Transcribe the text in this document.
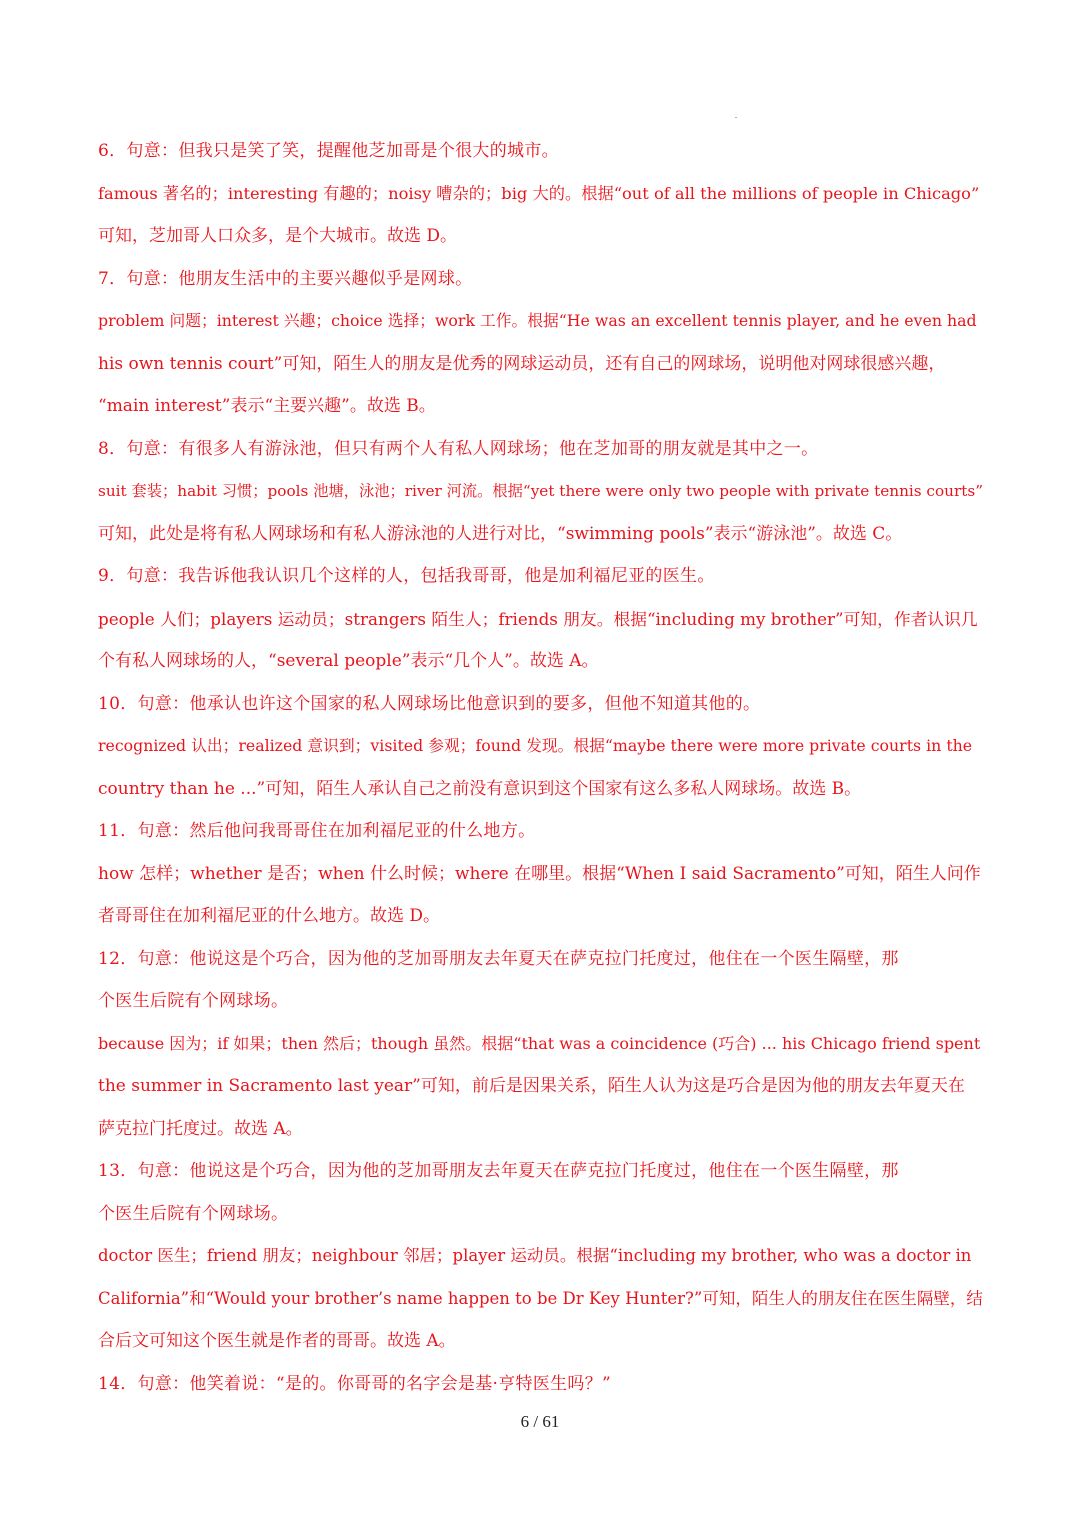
6．句意：但我只是笑了笑，提醒他芝加哥是个很大的城市。

famous 著名的；interesting 有趣的；noisy 嘈杂的；big 大的。根据“out of all the millions of people in Chicago”

可知，芝加哥人口众多，是个大城市。故选 D。

7．句意：他朋友生活中的主要兴趣似乎是网球。

problem 问题；interest 兴趣；choice 选择；work 工作。根据“He was an excellent tennis player, and he even had

his own tennis court”可知，陌生人的朋友是优秀的网球运动员，还有自己的网球场，说明他对网球很感兴趣，

“main interest”表示“主要兴趣”。故选 B。

8．句意：有很多人有游泳池，但只有两个人有私人网球场；他在芝加哥的朋友就是其中之一。

suit 套装；habit 习惯；pools 池塘，泳池；river 河流。根据“yet there were only two people with private tennis courts”

可知，此处是将有私人网球场和有私人游泳池的人进行对比，“swimming pools”表示“游泳池”。故选 C。

9．句意：我告诉他我认识几个这样的人，包括我哥哥，他是加利福尼亚的医生。

people 人们；players 运动员；strangers 陌生人；friends 朋友。根据“including my brother”可知，作者认识几

个有私人网球场的人，“several people”表示“几个人”。故选 A。

10．句意：他承认也许这个国家的私人网球场比他意识到的要多，但他不知道其他的。

recognized 认出；realized 意识到；visited 参观；found 发现。根据“maybe there were more private courts in the

country than he ...”可知，陌生人承认自己之前没有意识到这个国家有这么多私人网球场。故选 B。

11．句意：然后他问我哥哥住在加利福尼亚的什么地方。

how 怎样；whether 是否；when 什么时候；where 在哪里。根据“When I said Sacramento”可知，陌生人问作

者哥哥住在加利福尼亚的什么地方。故选 D。

12．句意：他说这是个巧合，因为他的芝加哥朋友去年夏天在萨克拉门托度过，他住在一个医生隔壁，那

个医生后院有个网球场。

because 因为；if 如果；then 然后；though 虽然。根据“that was a coincidence (巧合) ... his Chicago friend spent

the summer in Sacramento last year”可知，前后是因果关系，陌生人认为这是巧合是因为他的朋友去年夏天在

萨克拉门托度过。故选 A。

13．句意：他说这是个巧合，因为他的芝加哥朋友去年夏天在萨克拉门托度过，他住在一个医生隔壁，那

个医生后院有个网球场。

doctor 医生；friend 朋友；neighbour 邻居；player 运动员。根据“including my brother, who was a doctor in

California”和“Would your brother’s name happen to be Dr Key Hunter?”可知，陌生人的朋友住在医生隔壁，结

合后文可知这个医生就是作者的哥哥。故选 A。

14．句意：他笑着说：“是的。你哥哥的名字会是基·亨特医生吗？”

6 / 61
